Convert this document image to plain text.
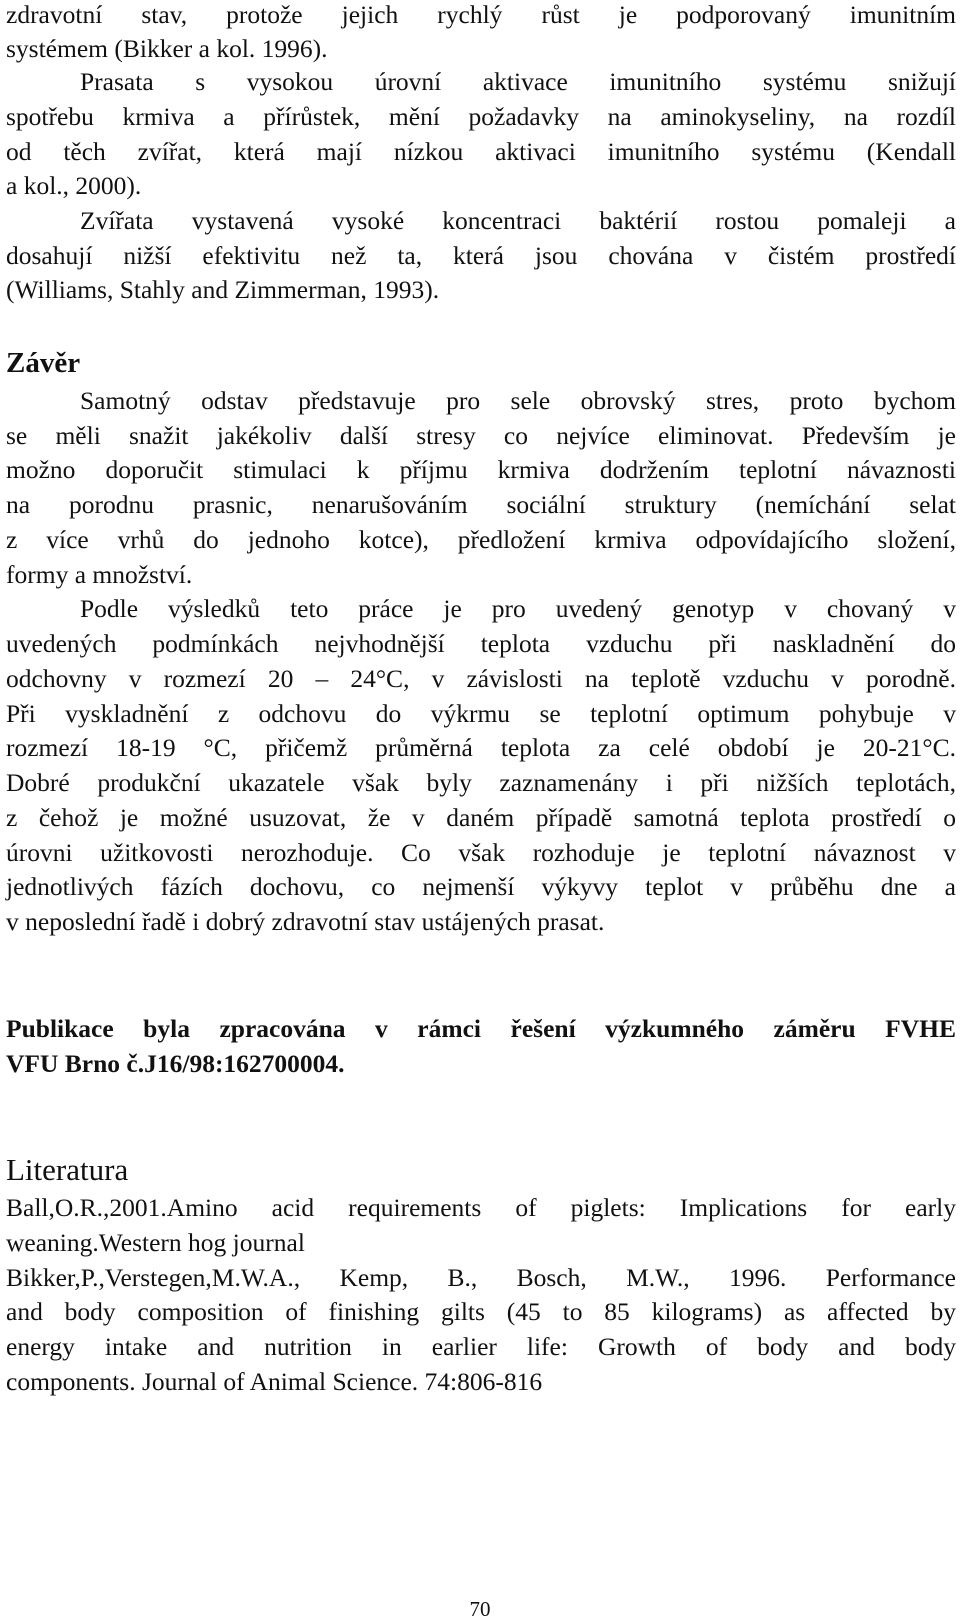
zdravotní stav, protože jejich rychlý růst je podporovaný imunitním
systémem (Bikker a kol. 1996).
Prasata s vysokou úrovní aktivace imunitního systému snižují
spotřebu krmiva a přírůstek, mění požadavky na aminokyseliny, na rozdíl
od těch zvířat, která mají nízkou aktivaci imunitního systému (Kendall
a kol., 2000).
Zvířata vystavená vysoké koncentraci baktérií rostou pomaleji a
dosahují nižší efektivitu než ta, která jsou chována v čistém prostředí
(Williams, Stahly and Zimmerman, 1993).
Závěr
Samotný odstav představuje pro sele obrovský stres, proto bychom
se měli snažit jakékoliv další stresy co nejvíce eliminovat. Především je
možno doporučit stimulaci k příjmu krmiva dodržením teplotní návaznosti
na porodnu prasnic, nenarušováním sociální struktury (nemíchání selat
z více vrhů do jednoho kotce), předložení krmiva odpovídajícího složení,
formy a množství.
Podle výsledků teto práce je pro uvedený genotyp v chovaný v
uvedených podmínkách nejvhodnější teplota vzduchu při naskladnění do
odchovny v rozmezí 20 – 24°C, v závislosti na teplotě vzduchu v porodně.
Při vyskladnění z odchovu do výkrmu se teplotní optimum pohybuje v
rozmezí 18-19 °C, přičemž průměrná teplota za celé období je 20-21°C.
Dobré produkční ukazatele však byly zaznamenány i při nižších teplotách,
z čehož je možné usuzovat, že v daném případě samotná teplota prostředí o
úrovni užitkovosti nerozhoduje. Co však rozhoduje je teplotní návaznost v
jednotlivých fázích dochovu, co nejmenší výkyvy teplot v průběhu dne a
v neposlední řadě i dobrý zdravotní stav ustájených prasat.
Publikace byla zpracována v rámci řešení výzkumného záměru FVHE
VFU Brno č.J16/98:162700004.
Literatura
Ball,O.R.,2001.Amino acid requirements of piglets: Implications for early
weaning.Western hog journal
Bikker,P.,Verstegen,M.W.A., Kemp, B., Bosch, M.W., 1996. Performance
and body composition of finishing gilts (45 to 85 kilograms) as affected by
energy intake and nutrition in earlier life: Growth of body and body
components. Journal of Animal Science. 74:806-816
70
